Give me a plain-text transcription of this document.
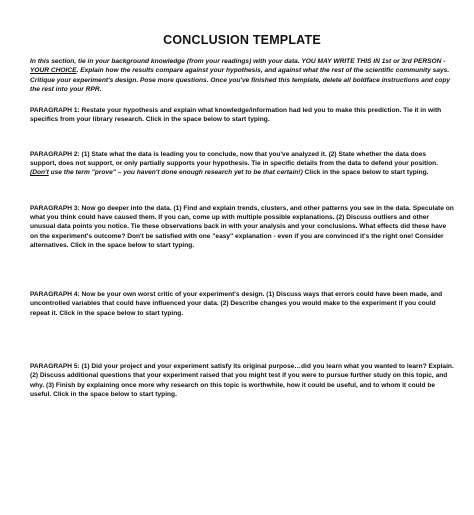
CONCLUSION TEMPLATE

In this section, tie in your background knowledge (from your readings) with your data. YOU MAY WRITE THIS IN 1st or 3rd PERSON - YOUR CHOICE. Explain how the results compare against your hypothesis, and against what the rest of the scientific community says. Critique your experiment's design. Pose more questions. Once you've finished this template, delete all boldface instructions and copy the rest into your RPR.

PARAGRAPH 1: Restate your hypothesis and explain what knowledge/information had led you to make this prediction. Tie it in with specifics from your library research. Click in the space below to start typing.

PARAGRAPH 2: (1) State what the data is leading you to conclude, now that you've analyzed it. (2) State whether the data does support, does not support, or only partially supports your hypothesis. Tie in specific details from the data to defend your position. (Don't use the term "prove" – you haven't done enough research yet to be that certain!) Click in the space below to start typing.

PARAGRAPH 3: Now go deeper into the data. (1) Find and explain trends, clusters, and other patterns you see in the data. Speculate on what you think could have caused them. If you can, come up with multiple possible explanations. (2) Discuss outliers and other unusual data points you notice. Tie these observations back in with your analysis and your conclusions. What effects did these have on the experiment's outcome? Don't be satisfied with one "easy" explanation - even if you are convinced it's the right one! Consider alternatives. Click in the space below to start typing.

PARAGRAPH 4: Now be your own worst critic of your experiment's design. (1) Discuss ways that errors could have been made, and uncontrolled variables that could have influenced your data. (2) Describe changes you would make to the experiment if you could repeat it. Click in the space below to start typing.

PARAGRAPH 5: (1) Did your project and your experiment satisfy its original purpose…did you learn what you wanted to learn? Explain. (2) Discuss additional questions that your experiment raised that you might test if you were to pursue further study on this topic, and why. (3) Finish by explaining once more why research on this topic is worthwhile, how it could be useful, and to whom it could be useful. Click in the space below to start typing.
